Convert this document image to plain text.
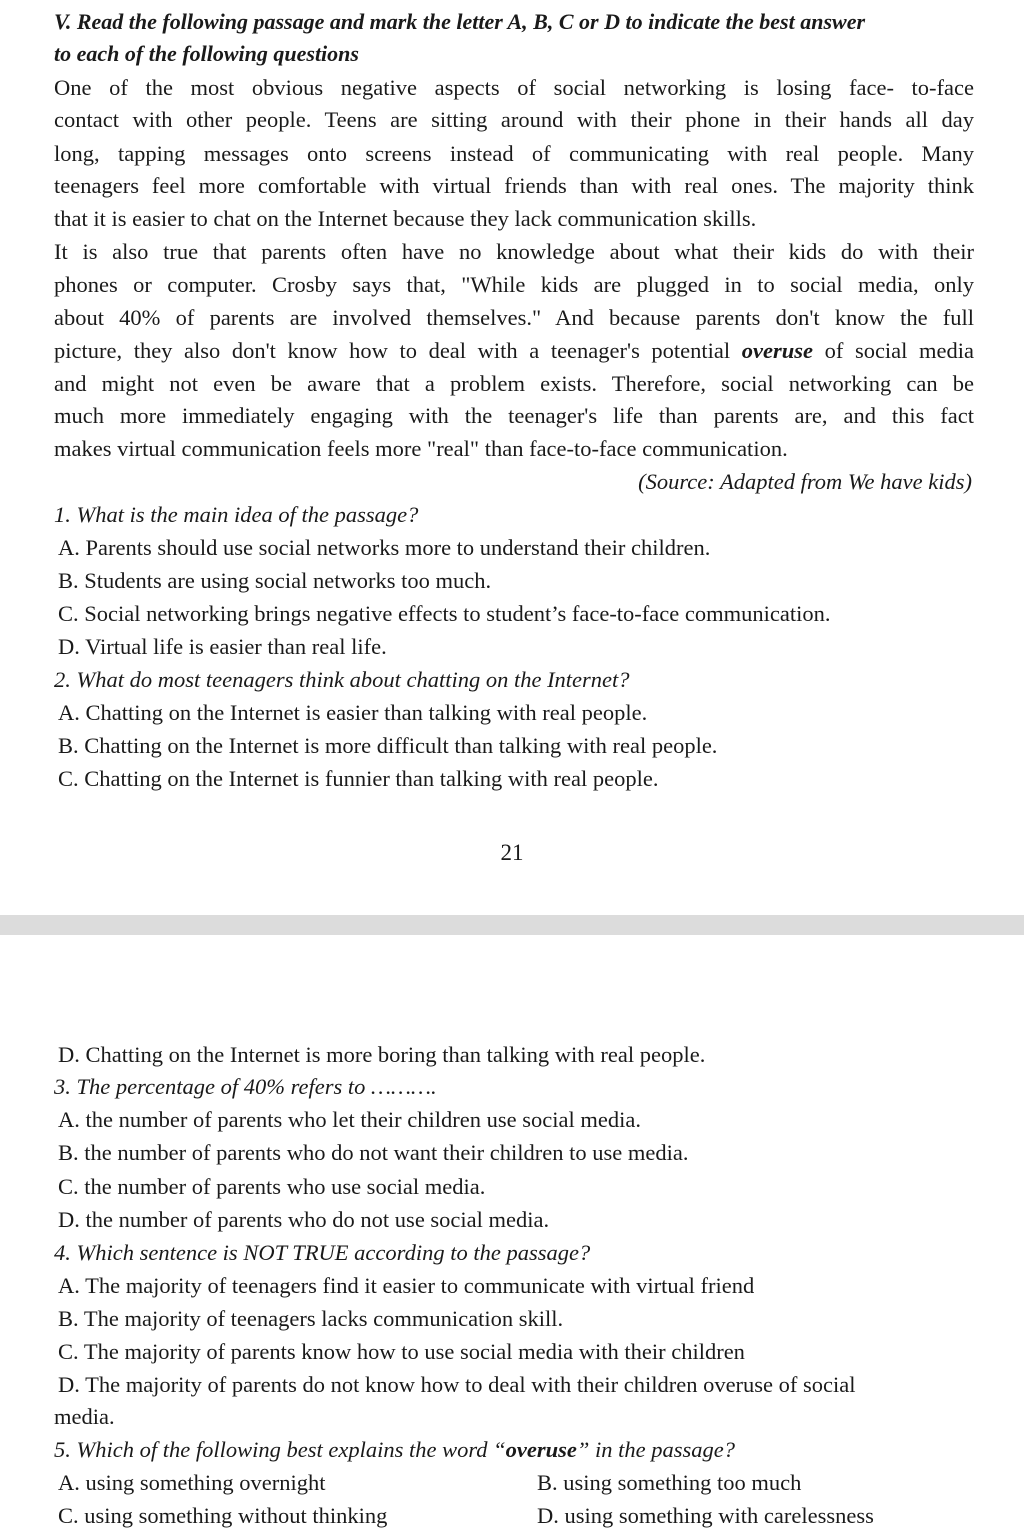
V. Read the following passage and mark the letter A, B, C or D to indicate the best answer
to each of the following questions
One of the most obvious negative aspects of social networking is losing face- to-face
contact with other people. Teens are sitting around with their phone in their hands all day
long, tapping messages onto screens instead of communicating with real people. Many
teenagers feel more comfortable with virtual friends than with real ones. The majority think
that it is easier to chat on the Internet because they lack communication skills.
It is also true that parents often have no knowledge about what their kids do with their
phones or computer. Crosby says that, "While kids are plugged in to social media, only
about 40% of parents are involved themselves." And because parents don't know the full
picture, they also don't know how to deal with a teenager's potential overuse of social media
and might not even be aware that a problem exists. Therefore, social networking can be
much more immediately engaging with the teenager's life than parents are, and this fact
makes virtual communication feels more "real" than face-to-face communication.
(Source: Adapted from We have kids)
1. What is the main idea of the passage?
A. Parents should use social networks more to understand their children.
B. Students are using social networks too much.
C. Social networking brings negative effects to student’s face-to-face communication.
D. Virtual life is easier than real life.
2. What do most teenagers think about chatting on the Internet?
A. Chatting on the Internet is easier than talking with real people.
B. Chatting on the Internet is more difficult than talking with real people.
C. Chatting on the Internet is funnier than talking with real people.
21
D. Chatting on the Internet is more boring than talking with real people.
3. The percentage of 40% refers to ……….
A. the number of parents who let their children use social media.
B. the number of parents who do not want their children to use media.
C. the number of parents who use social media.
D. the number of parents who do not use social media.
4. Which sentence is NOT TRUE according to the passage?
A. The majority of teenagers find it easier to communicate with virtual friend
B. The majority of teenagers lacks communication skill.
C. The majority of parents know how to use social media with their children
D. The majority of parents do not know how to deal with their children overuse of social
media.
5. Which of the following best explains the word “overuse” in the passage?
A. using something overnight	B. using something too much
C. using something without thinking	D. using something with carelessness
